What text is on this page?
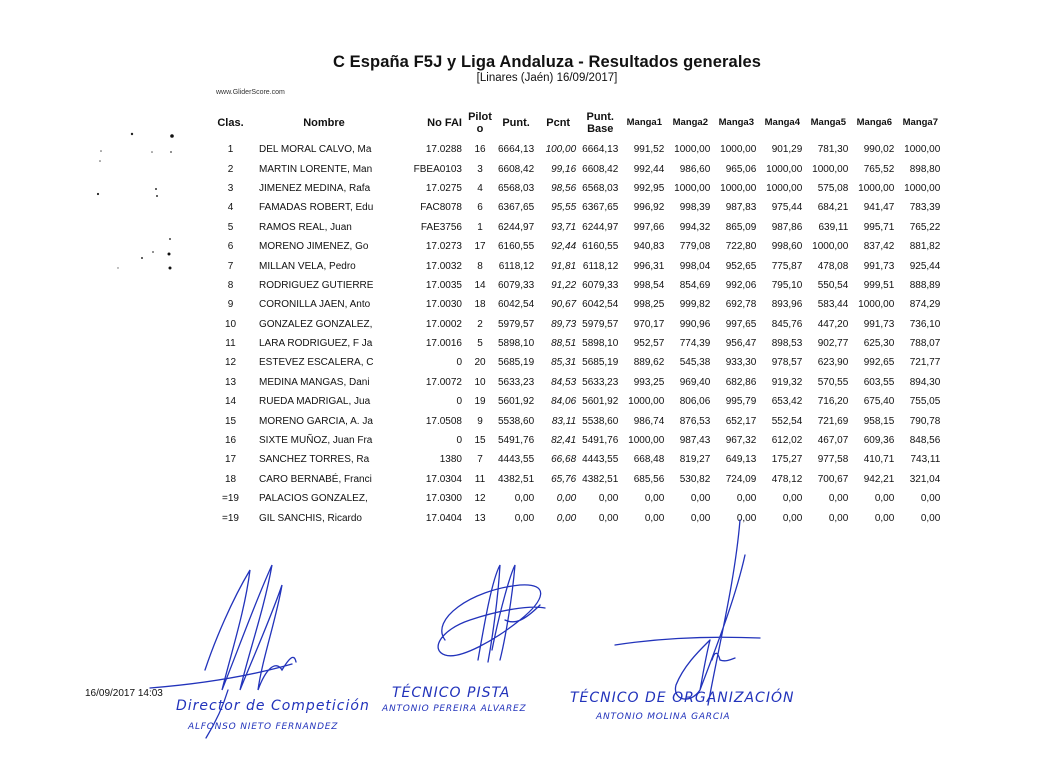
C España F5J y Liga Andaluza - Resultados generales
[Linares (Jaén) 16/09/2017]
www.GliderScore.com
Clas.	Nombre	No FAI	Pilot o	Punt.	Pcnt	Punt. Base	Manga1	Manga2	Manga3	Manga4	Manga5	Manga6	Manga7
1	DEL MORAL CALVO, Ma	17.0288	16	6664,13	100,00	6664,13	991,52	1000,00	1000,00	901,29	781,30	990,02	1000,00
2	MARTIN LORENTE, Man	FBEA0103	3	6608,42	99,16	6608,42	992,44	986,60	965,06	1000,00	1000,00	765,52	898,80
3	JIMENEZ MEDINA, Rafa	17.0275	4	6568,03	98,56	6568,03	992,95	1000,00	1000,00	1000,00	575,08	1000,00	1000,00
4	FAMADAS ROBERT, Edu	FAC8078	6	6367,65	95,55	6367,65	996,92	998,39	987,83	975,44	684,21	941,47	783,39
5	RAMOS REAL, Juan	FAE3756	1	6244,97	93,71	6244,97	997,66	994,32	865,09	987,86	639,11	995,71	765,22
6	MORENO JIMENEZ, Go	17.0273	17	6160,55	92,44	6160,55	940,83	779,08	722,80	998,60	1000,00	837,42	881,82
7	MILLAN VELA, Pedro	17.0032	8	6118,12	91,81	6118,12	996,31	998,04	952,65	775,87	478,08	991,73	925,44
8	RODRIGUEZ GUTIERRE	17.0035	14	6079,33	91,22	6079,33	998,54	854,69	992,06	795,10	550,54	999,51	888,89
9	CORONILLA JAEN, Anto	17.0030	18	6042,54	90,67	6042,54	998,25	999,82	692,78	893,96	583,44	1000,00	874,29
10	GONZALEZ GONZALEZ,	17.0002	2	5979,57	89,73	5979,57	970,17	990,96	997,65	845,76	447,20	991,73	736,10
11	LARA RODRIGUEZ, F Ja	17.0016	5	5898,10	88,51	5898,10	952,57	774,39	956,47	898,53	902,77	625,30	788,07
12	ESTEVEZ ESCALERA, C	0	20	5685,19	85,31	5685,19	889,62	545,38	933,30	978,57	623,90	992,65	721,77
13	MEDINA MANGAS, Dani	17.0072	10	5633,23	84,53	5633,23	993,25	969,40	682,86	919,32	570,55	603,55	894,30
14	RUEDA MADRIGAL, Jua	0	19	5601,92	84,06	5601,92	1000,00	806,06	995,79	653,42	716,20	675,40	755,05
15	MORENO GARCIA, A. Ja	17.0508	9	5538,60	83,11	5538,60	986,74	876,53	652,17	552,54	721,69	958,15	790,78
16	SIXTE MUÑOZ, Juan Fra	0	15	5491,76	82,41	5491,76	1000,00	987,43	967,32	612,02	467,07	609,36	848,56
17	SANCHEZ TORRES, Ra	1380	7	4443,55	66,68	4443,55	668,48	819,27	649,13	175,27	977,58	410,71	743,11
18	CARO BERNABÉ, Franci	17.0304	11	4382,51	65,76	4382,51	685,56	530,82	724,09	478,12	700,67	942,21	321,04
=19	PALACIOS GONZALEZ,	17.0300	12	0,00	0,00	0,00	0,00	0,00	0,00	0,00	0,00	0,00	0,00
=19	GIL SANCHIS, Ricardo	17.0404	13	0,00	0,00	0,00	0,00	0,00	0,00	0,00	0,00	0,00	0,00
16/09/2017 14:03
Director de Competición
ALFONSO NIETO FERNANDEZ
TÉCNICO PISTA
ANTONIO PEREIRA ALVAREZ
TÉCNICO DE ORGANIZACIÓN
ANTONIO MOLINA GARCIA
